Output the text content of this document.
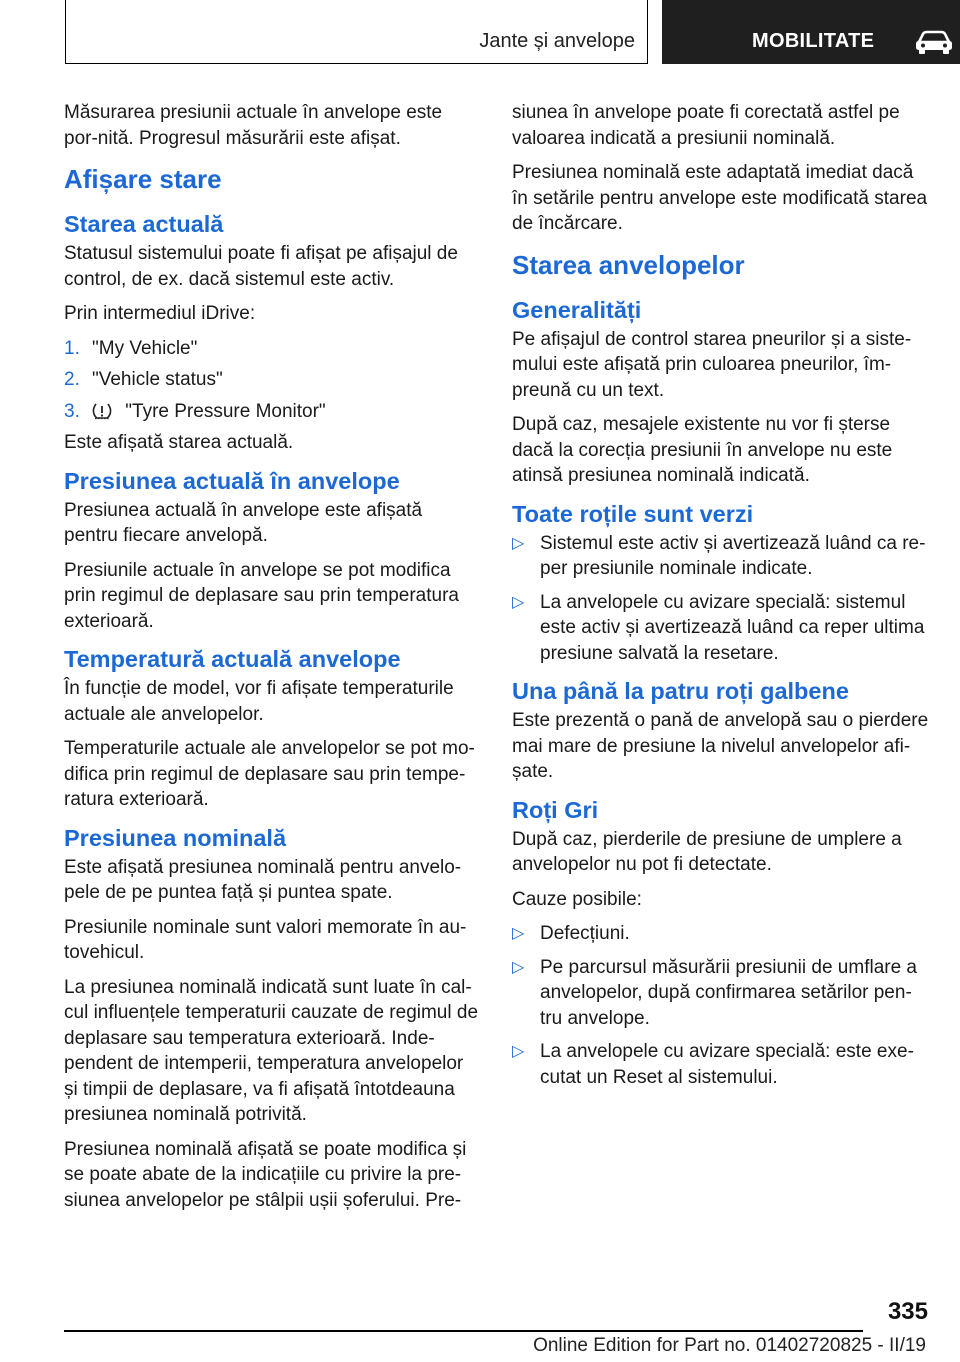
Jante și anvelope	MOBILITATE

Măsurarea presiunii actuale în anvelope este por-nită. Progresul măsurării este afișat.

Afișare stare
Starea actuală

Statusul sistemului poate fi afișat pe afișajul de control, de ex. dacă sistemul este activ.

Prin intermediul iDrive:

1. "My Vehicle"
2. "Vehicle status"
3. "Tyre Pressure Monitor"

Este afișată starea actuală.

Presiunea actuală în anvelope

Presiunea actuală în anvelope este afișată pentru fiecare anvelopă.

Presiunile actuale în anvelope se pot modifica prin regimul de deplasare sau prin temperatura exterioară.

Temperatură actuală anvelope

În funcție de model, vor fi afișate temperaturile actuale ale anvelopelor.

Temperaturile actuale ale anvelopelor se pot mo-difica prin regimul de deplasare sau prin tempe-ratura exterioară.

Presiunea nominală

Este afișată presiunea nominală pentru anvelo-pele de pe puntea față și puntea spate.

Presiunile nominale sunt valori memorate în au-tovehicul.

La presiunea nominală indicată sunt luate în cal-cul influențele temperaturii cauzate de regimul de deplasare sau temperatura exterioară. Inde-pendent de intemperii, temperatura anvelopelor și timpii de deplasare, va fi afișată întotdeauna presiunea nominală potrivită.

Presiunea nominală afișată se poate modifica și se poate abate de la indicațiile cu privire la pre-siunea anvelopelor pe stâlpii ușii șoferului. Pre-

siunea în anvelope poate fi corectată astfel pe valoarea indicată a presiunii nominală.

Presiunea nominală este adaptată imediat dacă în setările pentru anvelope este modificată starea de încărcare.

Starea anvelopelor
Generalități

Pe afișajul de control starea pneurilor și a siste-mului este afișată prin culoarea pneurilor, îm-preună cu un text.

După caz, mesajele existente nu vor fi șterse dacă la corecția presiunii în anvelope nu este atinsă presiunea nominală indicată.

Toate roțile sunt verzi
▷ Sistemul este activ și avertizează luând ca re-per presiunile nominale indicate.
▷ La anvelopele cu avizare specială: sistemul este activ și avertizează luând ca reper ultima presiune salvată la resetare.
Una până la patru roți galbene

Este prezentă o pană de anvelopă sau o pierdere mai mare de presiune la nivelul anvelopelor afi-șate.

Roți Gri

După caz, pierderile de presiune de umplere a anvelopelor nu pot fi detectate.

Cauze posibile:

▷ Defecțiuni.
▷ Pe parcursul măsurării presiunii de umflare a anvelopelor, după confirmarea setărilor pen-tru anvelope.
▷ La anvelopele cu avizare specială: este exe-cutat un Reset al sistemului.
335
Online Edition for Part no. 01402720825 - II/19
